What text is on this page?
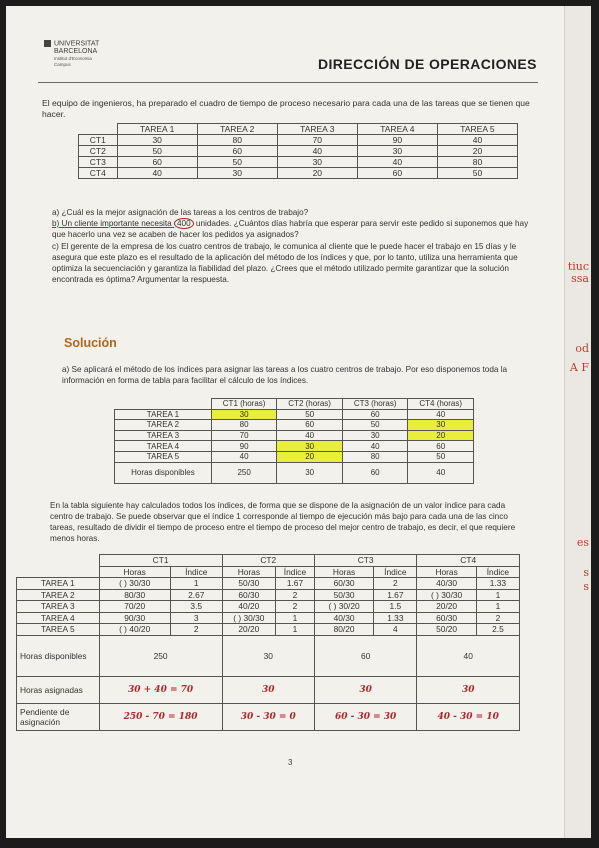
tiuc
ssa
od
A F
es
s
s
UNIVERSITAT
BARCELONA
Institut d'Economia
Campus	DIRECCIÓN DE OPERACIONES
El equipo de ingenieros, ha preparado el cuadro de tiempo de proceso necesario para cada una de las tareas que se tienen que hacer.
	TAREA 1	TAREA 2	TAREA 3	TAREA 4	TAREA 5
CT1	30	80	70	90	40
CT2	50	60	40	30	20
CT3	60	50	30	40	80
CT4	40	30	20	60	50
a) ¿Cuál es la mejor asignación de las tareas a los centros de trabajo?
b) Un cliente importante necesita 400 unidades. ¿Cuántos días habría que esperar para servir este pedido si suponemos que hay que hacerlo una vez se acaben de hacer los pedidos ya asignados?
c) El gerente de la empresa de los cuatro centros de trabajo, le comunica al cliente que le puede hacer el trabajo en 15 días y le asegura que este plazo es el resultado de la aplicación del método de los índices y que, por lo tanto, utiliza una herramienta que optimiza la secuenciación y garantiza la fiabilidad del plazo. ¿Crees que el método utilizado permite garantizar que la solución encontrada es óptima? Argumentar la respuesta.
Solución
a) Se aplicará el método de los índices para asignar las tareas a los cuatro centros de trabajo. Por eso disponemos toda la información en forma de tabla para facilitar el cálculo de los índices.
	CT1 (horas)	CT2 (horas)	CT3 (horas)	CT4 (horas)
TAREA 1	30	50	60	40
TAREA 2	80	60	50	30
TAREA 3	70	40	30	20
TAREA 4	90	30	40	60
TAREA 5	40	20	80	50
Horas disponibles	250	30	60	40
En la tabla siguiente hay calculados todos los índices, de forma que se dispone de la asignación de un valor índice para cada centro de trabajo. Se puede observar que el índice 1 corresponde al tiempo de ejecución más bajo para cada una de las cinco tareas, resultado de dividir el tiempo de proceso entre el tiempo de proceso del mejor centro de trabajo, es decir, el que requiere menos horas.
	CT1		CT2		CT3		CT4	
	Horas	Índice	Horas	Índice	Horas	Índice	Horas	Índice
TAREA 1	( ) 30/30	1	50/30	1.67	60/30	2	40/30	1.33
TAREA 2	80/30	2.67	60/30	2	50/30	1.67	( ) 30/30	1
TAREA 3	70/20	3.5	40/20	2	( ) 30/20	1.5	20/20	1
TAREA 4	90/30	3	( ) 30/30	1	40/30	1.33	60/30	2
TAREA 5	( ) 40/20	2	20/20	1	80/20	4	50/20	2.5
Horas disponibles	250		30		60		40	
Horas asignadas	30 + 40 = 70		30		30		30	
Pendiente de asignación	250 - 70 = 180		30 - 30 = 0		60 - 30 = 30		40 - 30 = 10	
3
